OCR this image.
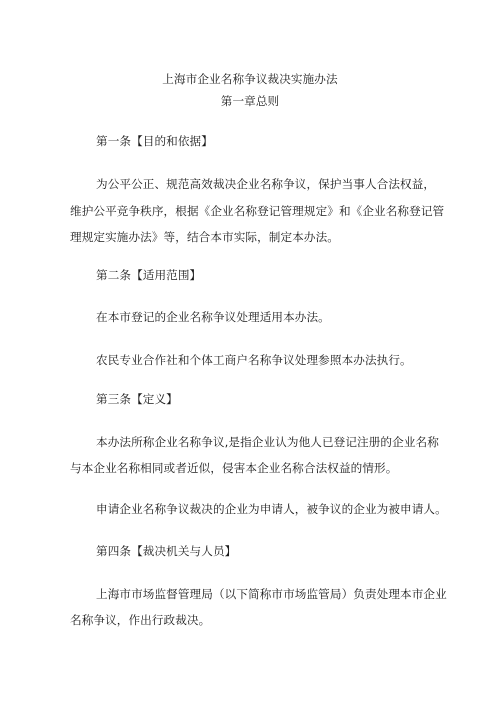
上海市企业名称争议裁决实施办法
第一章总则
第一条【目的和依据】
为公平公正、规范高效裁决企业名称争议，保护当事人合法权益，
维护公平竞争秩序，根据《企业名称登记管理规定》和《企业名称登记管
理规定实施办法》等，结合本市实际，制定本办法。
第二条【适用范围】
在本市登记的企业名称争议处理适用本办法。
农民专业合作社和个体工商户名称争议处理参照本办法执行。
第三条【定义】
本办法所称企业名称争议,是指企业认为他人已登记注册的企业名称
与本企业名称相同或者近似，侵害本企业名称合法权益的情形。
申请企业名称争议裁决的企业为申请人，被争议的企业为被申请人。
第四条【裁决机关与人员】
上海市市场监督管理局（以下简称市市场监管局）负责处理本市企业
名称争议，作出行政裁决。
